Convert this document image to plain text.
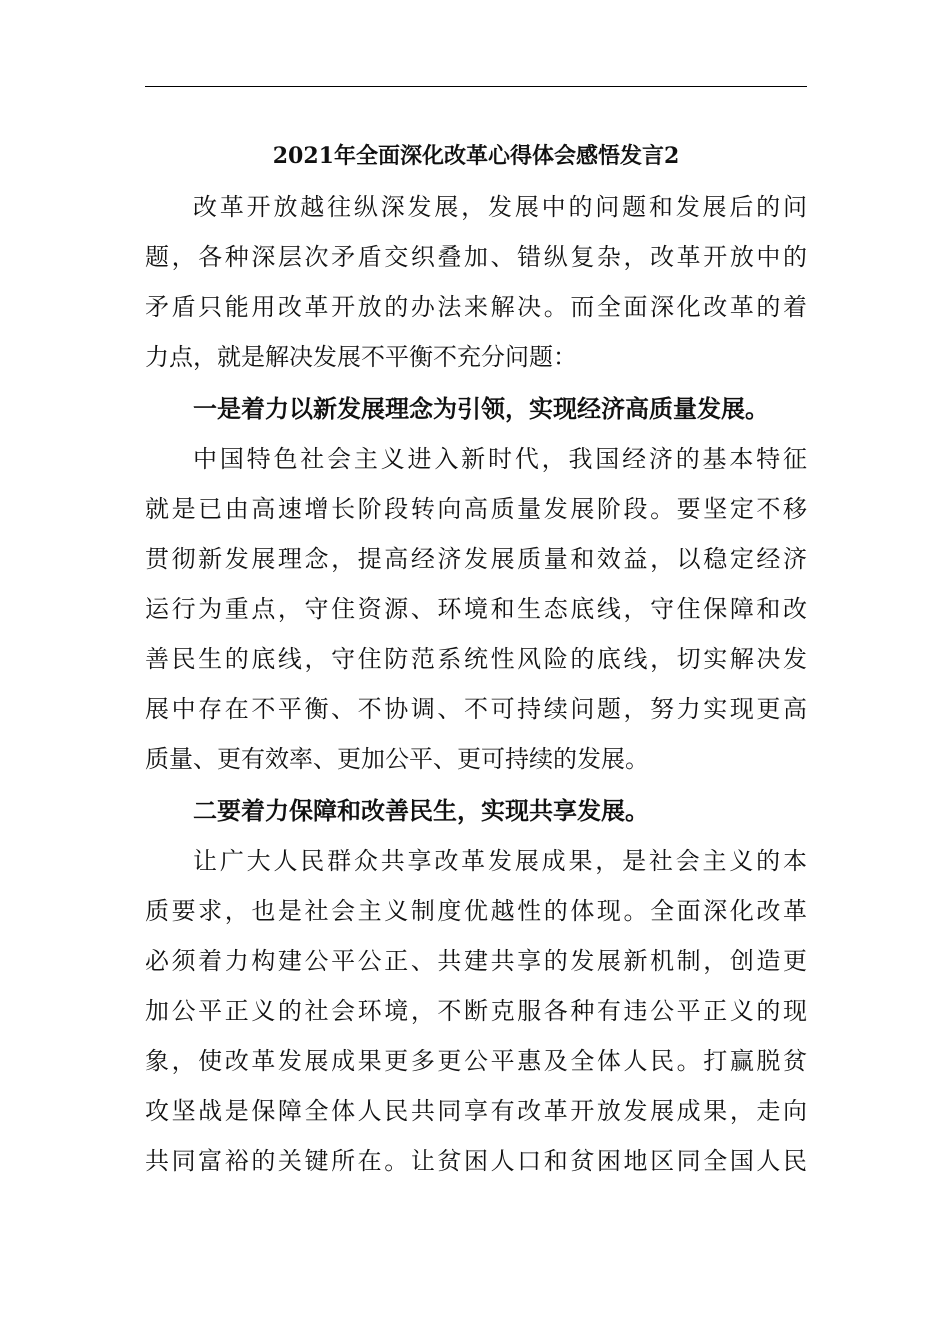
2021年全面深化改革心得体会感悟发言2
改革开放越往纵深发展，发展中的问题和发展后的问
题，各种深层次矛盾交织叠加、错纵复杂，改革开放中的
矛盾只能用改革开放的办法来解决。而全面深化改革的着
力点，就是解决发展不平衡不充分问题：
一是着力以新发展理念为引领，实现经济高质量发展。
中国特色社会主义进入新时代，我国经济的基本特征
就是已由高速增长阶段转向高质量发展阶段。要坚定不移
贯彻新发展理念，提高经济发展质量和效益，以稳定经济
运行为重点，守住资源、环境和生态底线，守住保障和改
善民生的底线，守住防范系统性风险的底线，切实解决发
展中存在不平衡、不协调、不可持续问题，努力实现更高
质量、更有效率、更加公平、更可持续的发展。
二要着力保障和改善民生，实现共享发展。
让广大人民群众共享改革发展成果，是社会主义的本
质要求，也是社会主义制度优越性的体现。全面深化改革
必须着力构建公平公正、共建共享的发展新机制，创造更
加公平正义的社会环境，不断克服各种有违公平正义的现
象，使改革发展成果更多更公平惠及全体人民。打赢脱贫
攻坚战是保障全体人民共同享有改革开放发展成果，走向
共同富裕的关键所在。让贫困人口和贫困地区同全国人民
